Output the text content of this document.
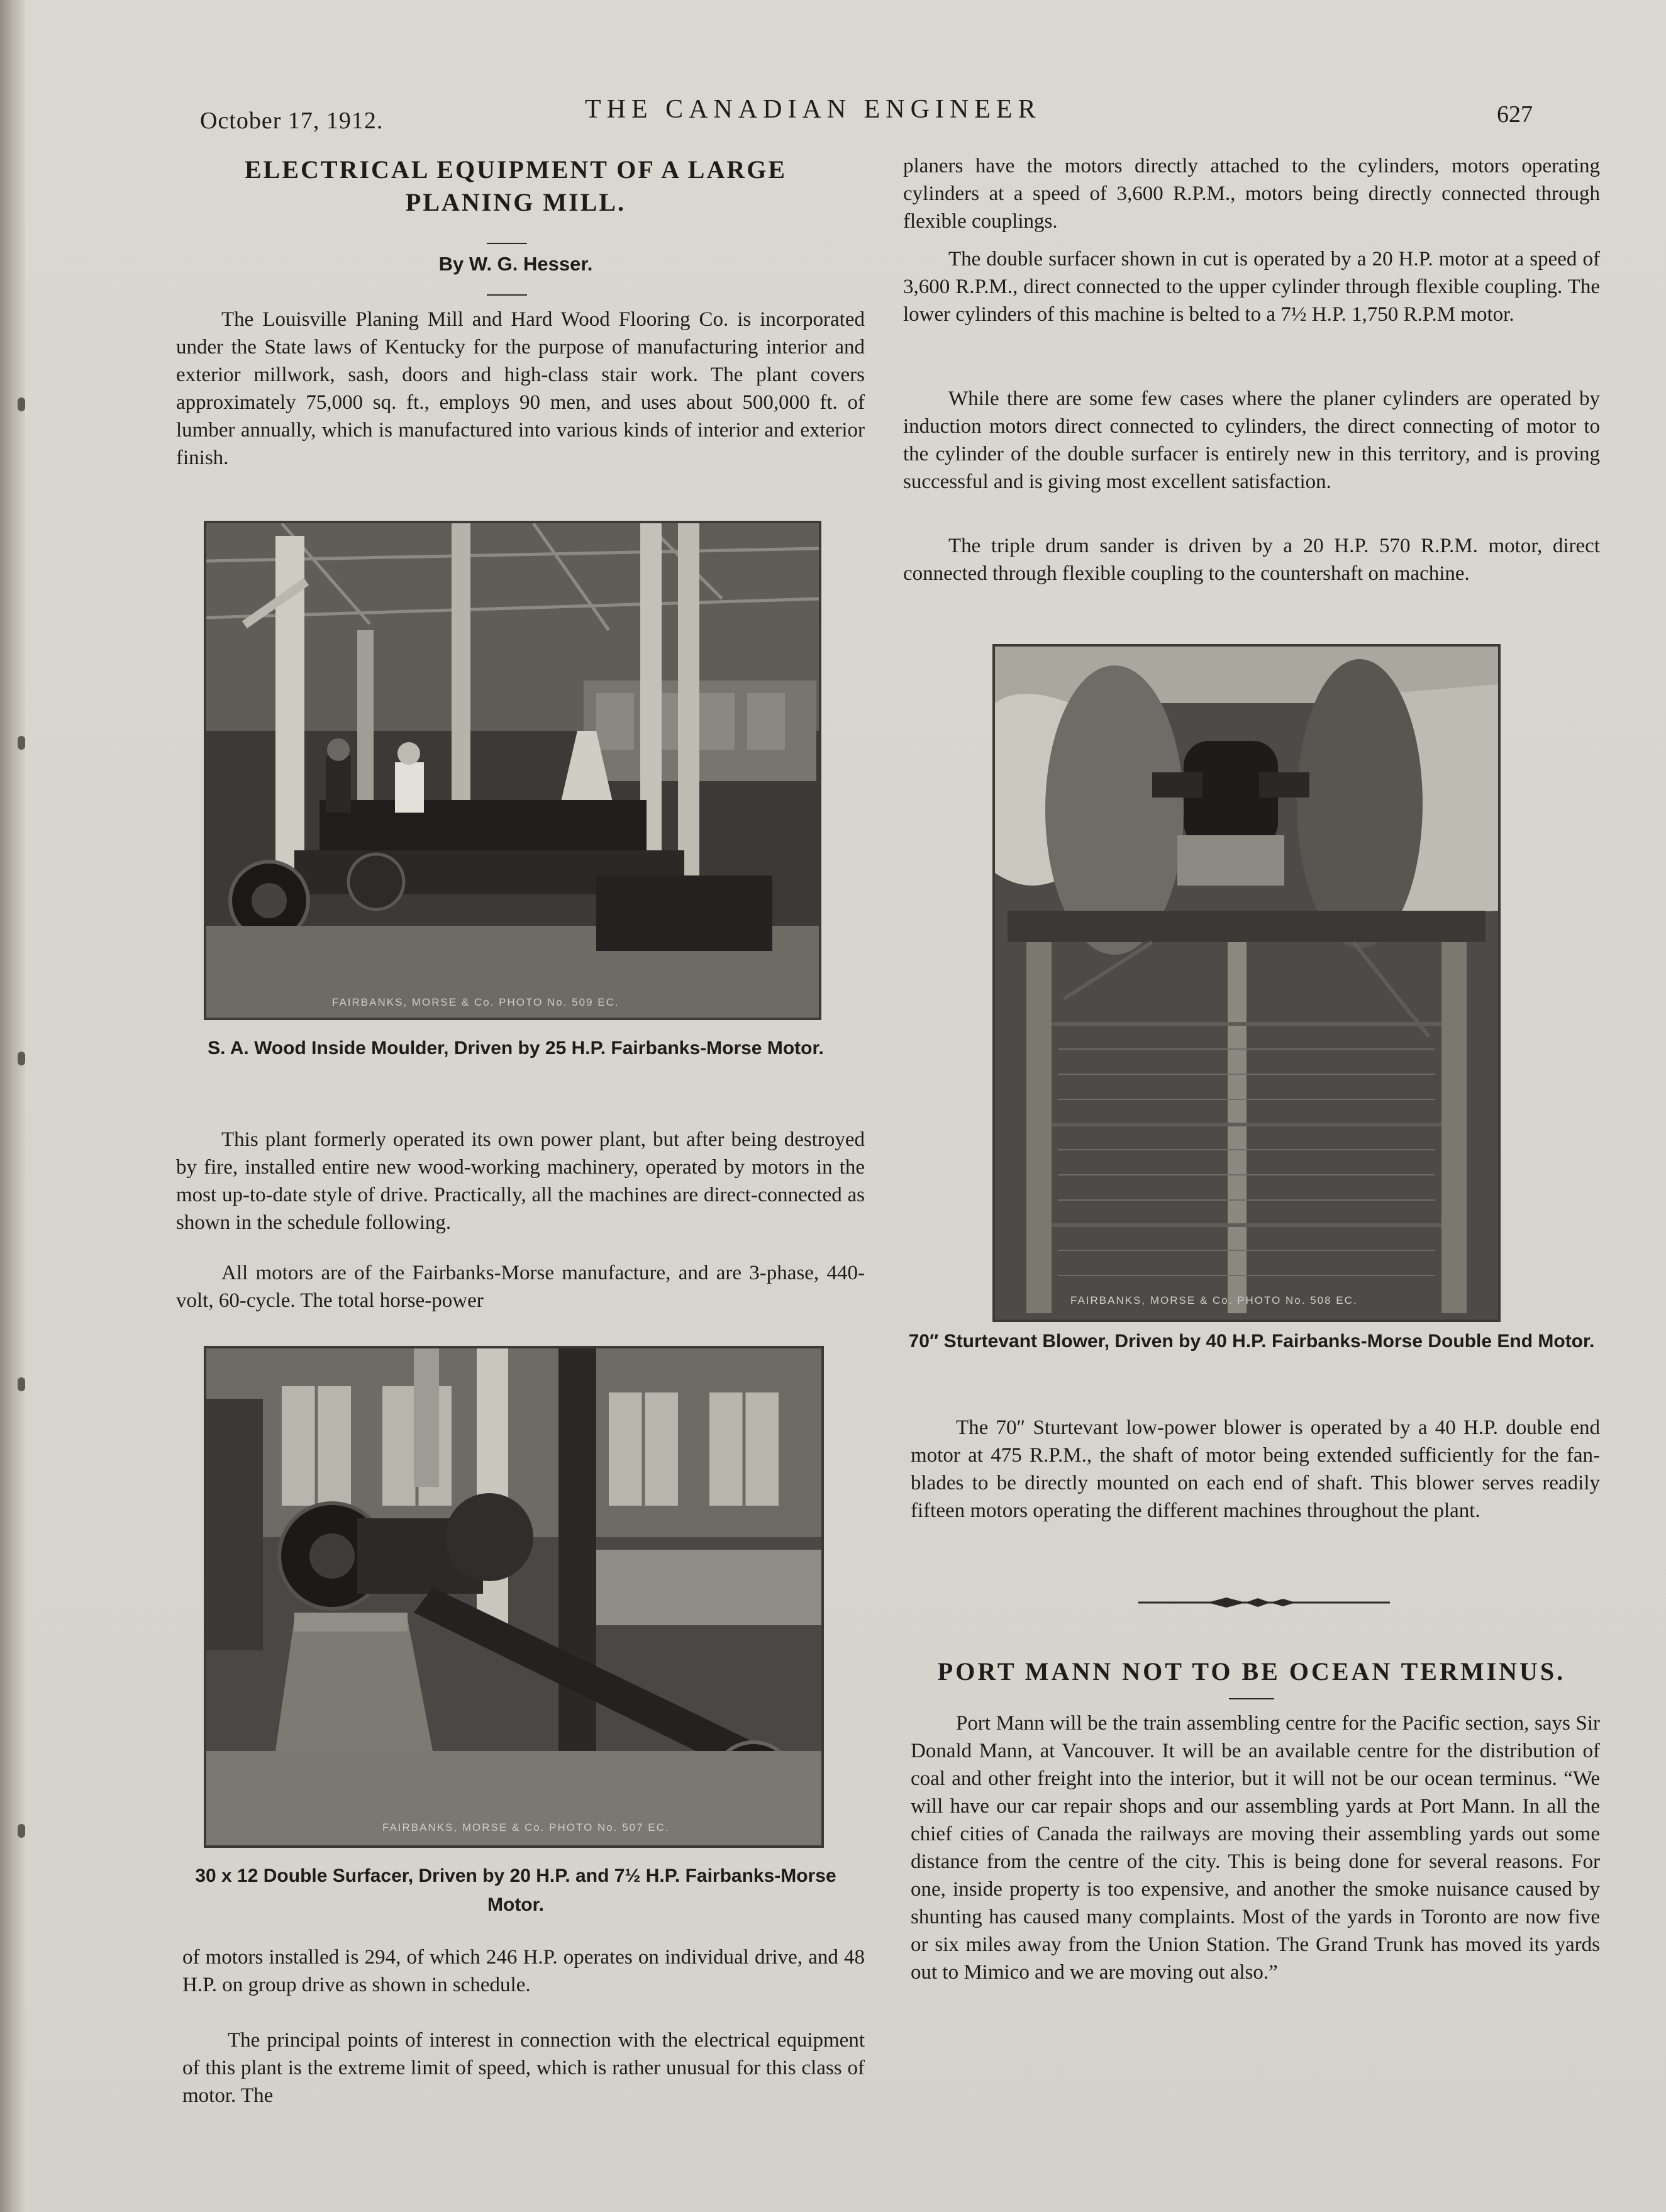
October 17, 1912.	THE CANADIAN ENGINEER	627
ELECTRICAL EQUIPMENT OF A LARGE
PLANING MILL.
By W. G. Hesser.

The Louisville Planing Mill and Hard Wood Flooring Co. is incorporated under the State laws of Kentucky for the purpose of manufacturing interior and exterior millwork, sash, doors and high-class stair work. The plant covers approximately 75,000 sq. ft., employs 90 men, and uses about 500,000 ft. of lumber annually, which is manufactured into various kinds of interior and exterior finish.

FAIRBANKS, MORSE & Co. PHOTO No. 509 EC.
S. A. Wood Inside Moulder, Driven by 25 H.P. Fairbanks-Morse Motor.

This plant formerly operated its own power plant, but after being destroyed by fire, installed entire new wood-working machinery, operated by motors in the most up-to-date style of drive. Practically, all the machines are direct-connected as shown in the schedule following.

All motors are of the Fairbanks-Morse manufacture, and are 3-phase, 440-volt, 60-cycle. The total horse-power

FAIRBANKS, MORSE & Co. PHOTO No. 507 EC.
30 x 12 Double Surfacer, Driven by 20 H.P. and 7½ H.P. Fairbanks-Morse Motor.

of motors installed is 294, of which 246 H.P. operates on individual drive, and 48 H.P. on group drive as shown in schedule.

The principal points of interest in connection with the electrical equipment of this plant is the extreme limit of speed, which is rather unusual for this class of motor. The

planers have the motors directly attached to the cylinders, motors operating cylinders at a speed of 3,600 R.P.M., motors being directly connected through flexible couplings.

The double surfacer shown in cut is operated by a 20 H.P. motor at a speed of 3,600 R.P.M., direct connected to the upper cylinder through flexible coupling. The lower cylinders of this machine is belted to a 7½ H.P. 1,750 R.P.M motor.

While there are some few cases where the planer cylinders are operated by induction motors direct connected to cylinders, the direct connecting of motor to the cylinder of the double surfacer is entirely new in this territory, and is proving successful and is giving most excellent satisfaction.

The triple drum sander is driven by a 20 H.P. 570 R.P.M. motor, direct connected through flexible coupling to the countershaft on machine.

FAIRBANKS, MORSE & Co. PHOTO No. 508 EC.
70″ Sturtevant Blower, Driven by 40 H.P. Fairbanks-Morse Double End Motor.

The 70″ Sturtevant low-power blower is operated by a 40 H.P. double end motor at 475 R.P.M., the shaft of motor being extended sufficiently for the fan-blades to be directly mounted on each end of shaft. This blower serves readily fifteen motors operating the different machines throughout the plant.

PORT MANN NOT TO BE OCEAN TERMINUS.

Port Mann will be the train assembling centre for the Pacific section, says Sir Donald Mann, at Vancouver. It will be an available centre for the distribution of coal and other freight into the interior, but it will not be our ocean terminus. “We will have our car repair shops and our assembling yards at Port Mann. In all the chief cities of Canada the railways are moving their assembling yards out some distance from the centre of the city. This is being done for several reasons. For one, inside property is too expensive, and another the smoke nuisance caused by shunting has caused many complaints. Most of the yards in Toronto are now five or six miles away from the Union Station. The Grand Trunk has moved its yards out to Mimico and we are moving out also.”
